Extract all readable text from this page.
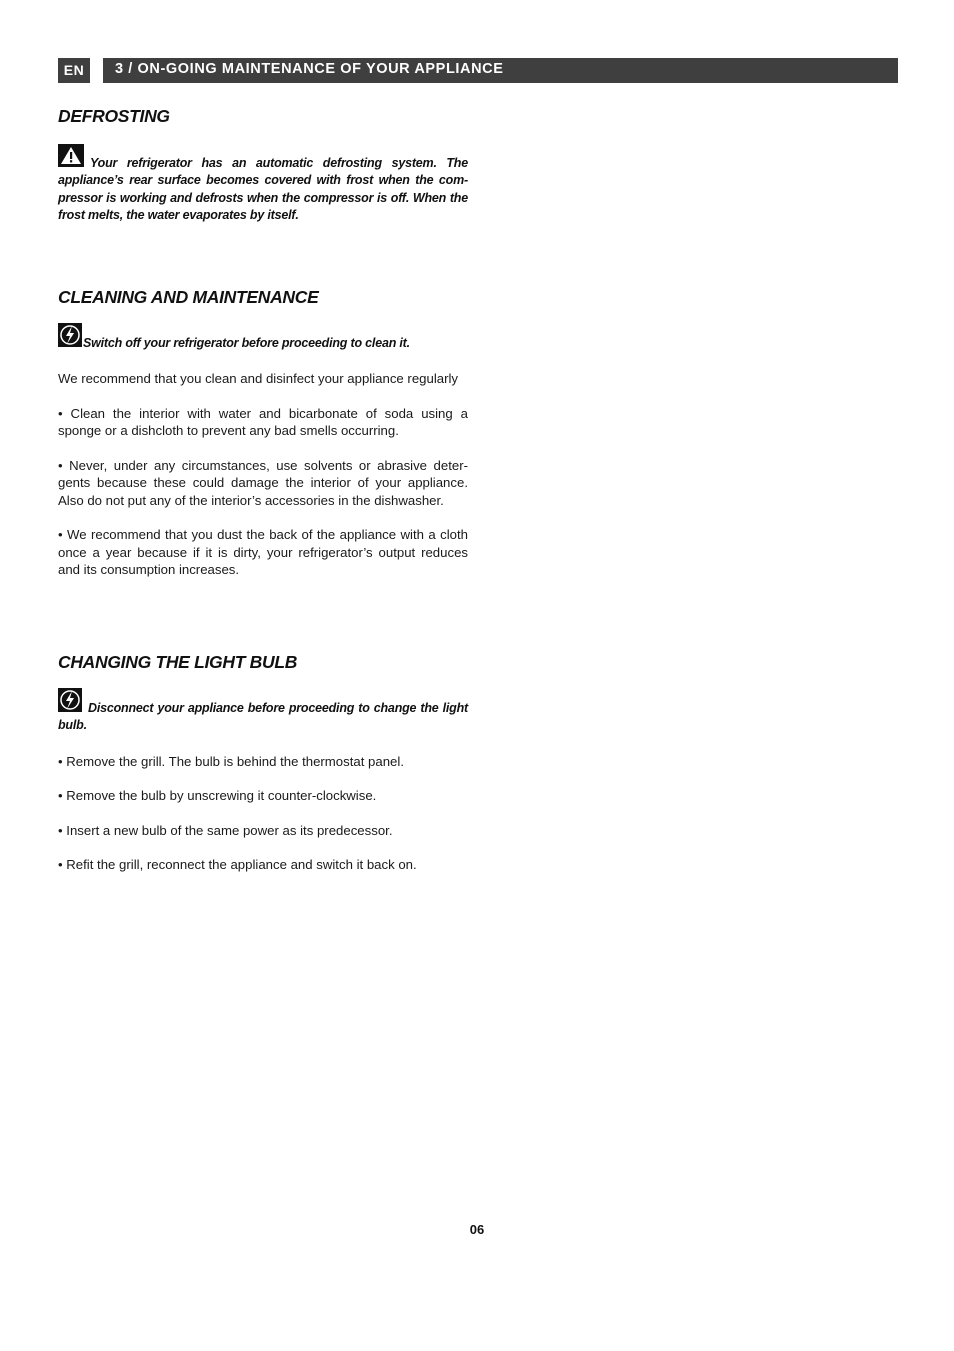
EN	3 / ON-GOING MAINTENANCE OF YOUR APPLIANCE
DEFROSTING
Your refrigerator has an automatic defrosting system. The appliance’s rear surface becomes covered with frost when the com- pressor is working and defrosts when the compressor is off. When the frost melts, the water evaporates by itself.
CLEANING AND MAINTENANCE
Switch off your refrigerator before proceeding to clean it.

We recommend that you clean and disinfect your appliance regularly

• Clean the interior with water and bicarbonate of soda using a sponge or a dishcloth to prevent any bad smells occurring.

• Never, under any circumstances, use solvents or abrasive deter- gents because these could damage the interior of your appliance. Also do not put any of the interior’s accessories in the dishwasher.

• We recommend that you dust the back of the appliance with a cloth once a year because if it is dirty, your refrigerator’s output reduces and its consumption increases.

CHANGING THE LIGHT BULB
Disconnect your appliance before proceeding to change the light bulb.

• Remove the grill. The bulb is behind the thermostat panel.

• Remove the bulb by unscrewing it counter-clockwise.

• Insert a new bulb of the same power as its predecessor.

• Refit the grill, reconnect the appliance and switch it back on.

06
